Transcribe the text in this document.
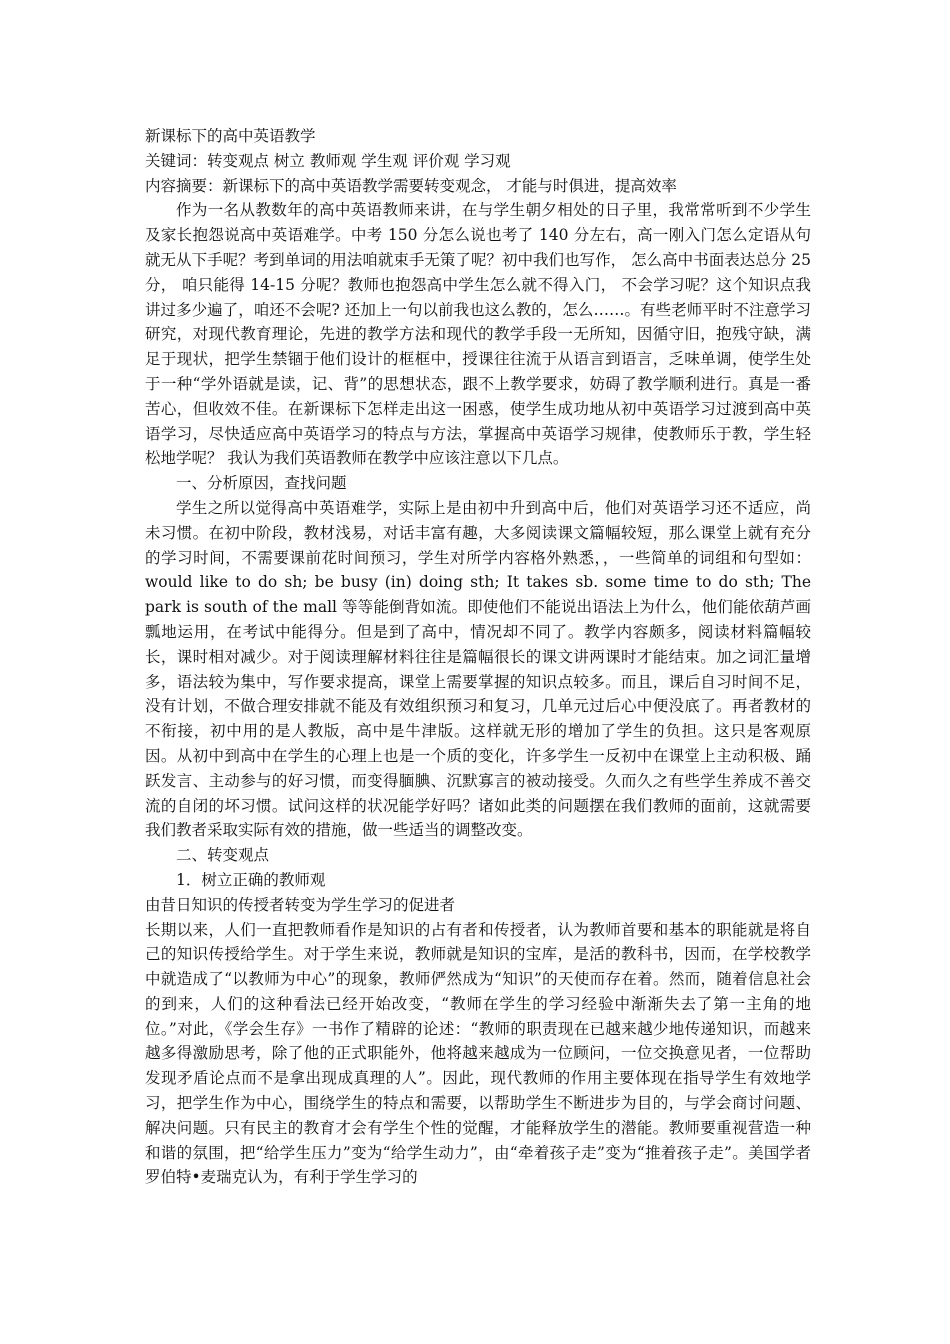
新课标下的高中英语教学

关键词：转变观点 树立 教师观 学生观 评价观 学习观

内容摘要：新课标下的高中英语教学需要转变观念， 才能与时俱进，提高效率

作为一名从教数年的高中英语教师来讲，在与学生朝夕相处的日子里，我常常听到不少学生及家长抱怨说高中英语难学。中考 150 分怎么说也考了 140 分左右，高一刚入门怎么定语从句就无从下手呢？考到单词的用法咱就束手无策了呢？初中我们也写作， 怎么高中书面表达总分 25 分， 咱只能得 14-15 分呢？教师也抱怨高中学生怎么就不得入门， 不会学习呢？这个知识点我讲过多少遍了，咱还不会呢? 还加上一句以前我也这么教的，怎么……。有些老师平时不注意学习研究，对现代教育理论，先进的教学方法和现代的教学手段一无所知，因循守旧，抱残守缺，满足于现状，把学生禁锢于他们设计的框框中，授课往往流于从语言到语言，乏味单调，使学生处于一种“学外语就是读，记、背”的思想状态，跟不上教学要求，妨碍了教学顺利进行。真是一番苦心，但收效不佳。在新课标下怎样走出这一困惑，使学生成功地从初中英语学习过渡到高中英语学习，尽快适应高中英语学习的特点与方法，掌握高中英语学习规律，使教师乐于教，学生轻松地学呢？ 我认为我们英语教师在教学中应该注意以下几点。

一、分析原因，查找问题

学生之所以觉得高中英语难学，实际上是由初中升到高中后，他们对英语学习还不适应，尚未习惯。在初中阶段，教材浅易，对话丰富有趣，大多阅读课文篇幅较短，那么课堂上就有充分的学习时间，不需要课前花时间预习，学生对所学内容格外熟悉，，一些简单的词组和句型如： would like to do sh; be busy (in) doing sth; It takes sb. some time to do sth; The park is south of the mall 等等能倒背如流。即使他们不能说出语法上为什么，他们能依葫芦画瓢地运用，在考试中能得分。但是到了高中，情况却不同了。教学内容颇多，阅读材料篇幅较长，课时相对减少。对于阅读理解材料往往是篇幅很长的课文讲两课时才能结束。加之词汇量增多，语法较为集中，写作要求提高，课堂上需要掌握的知识点较多。而且，课后自习时间不足，没有计划，不做合理安排就不能及有效组织预习和复习，几单元过后心中便没底了。再者教材的不衔接，初中用的是人教版，高中是牛津版。这样就无形的增加了学生的负担。这只是客观原因。从初中到高中在学生的心理上也是一个质的变化，许多学生一反初中在课堂上主动积极、踊跃发言、主动参与的好习惯，而变得腼腆、沉默寡言的被动接受。久而久之有些学生养成不善交流的自闭的坏习惯。试问这样的状况能学好吗？诸如此类的问题摆在我们教师的面前，这就需要我们教者采取实际有效的措施，做一些适当的调整改变。

二、转变观点

1．树立正确的教师观

由昔日知识的传授者转变为学生学习的促进者

长期以来，人们一直把教师看作是知识的占有者和传授者，认为教师首要和基本的职能就是将自己的知识传授给学生。对于学生来说，教师就是知识的宝库，是活的教科书，因而，在学校教学中就造成了“以教师为中心”的现象，教师俨然成为“知识”的天使而存在着。然而，随着信息社会的到来，人们的这种看法已经开始改变，“教师在学生的学习经验中渐渐失去了第一主角的地位。”对此，《学会生存》一书作了精辟的论述：“教师的职责现在已越来越少地传递知识，而越来越多得激励思考，除了他的正式职能外，他将越来越成为一位顾问，一位交换意见者，一位帮助发现矛盾论点而不是拿出现成真理的人”。因此，现代教师的作用主要体现在指导学生有效地学习，把学生作为中心，围绕学生的特点和需要，以帮助学生不断进步为目的，与学会商讨问题、解决问题。只有民主的教育才会有学生个性的觉醒，才能释放学生的潜能。教师要重视营造一种和谐的氛围，把“给学生压力”变为“给学生动力”，由“牵着孩子走”变为“推着孩子走”。美国学者罗伯特•麦瑞克认为，有利于学生学习的
